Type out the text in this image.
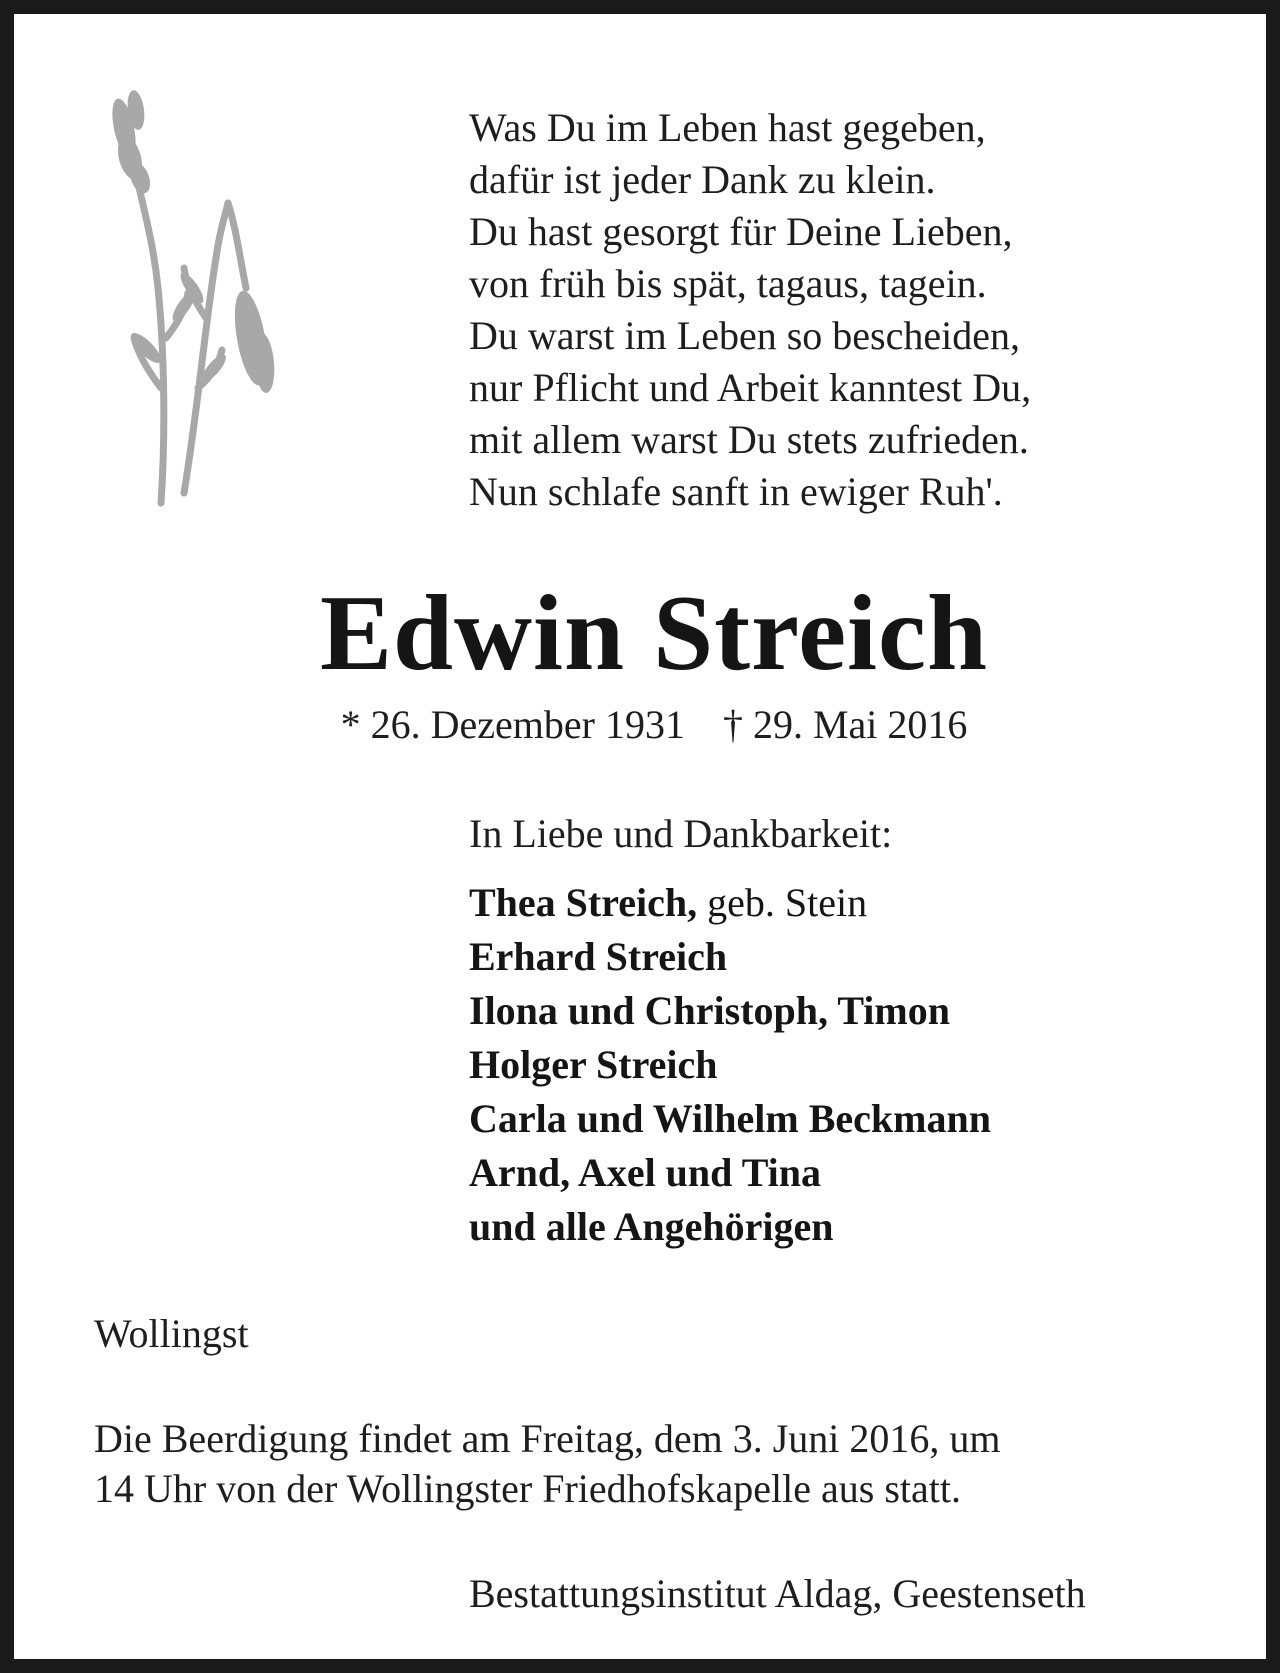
Was Du im Leben hast gegeben,
dafür ist jeder Dank zu klein.
Du hast gesorgt für Deine Lieben,
von früh bis spät, tagaus, tagein.
Du warst im Leben so bescheiden,
nur Pflicht und Arbeit kanntest Du,
mit allem warst Du stets zufrieden.
Nun schlafe sanft in ewiger Ruh'.
Edwin Streich
* 26. Dezember 1931 † 29. Mai 2016
In Liebe und Dankbarkeit:
Thea Streich, geb. Stein
Erhard Streich
Ilona und Christoph, Timon
Holger Streich
Carla und Wilhelm Beckmann
Arnd, Axel und Tina
und alle Angehörigen
Wollingst
Die Beerdigung findet am Freitag, dem 3. Juni 2016, um
14 Uhr von der Wollingster Friedhofskapelle aus statt.
Bestattungsinstitut Aldag, Geestenseth
